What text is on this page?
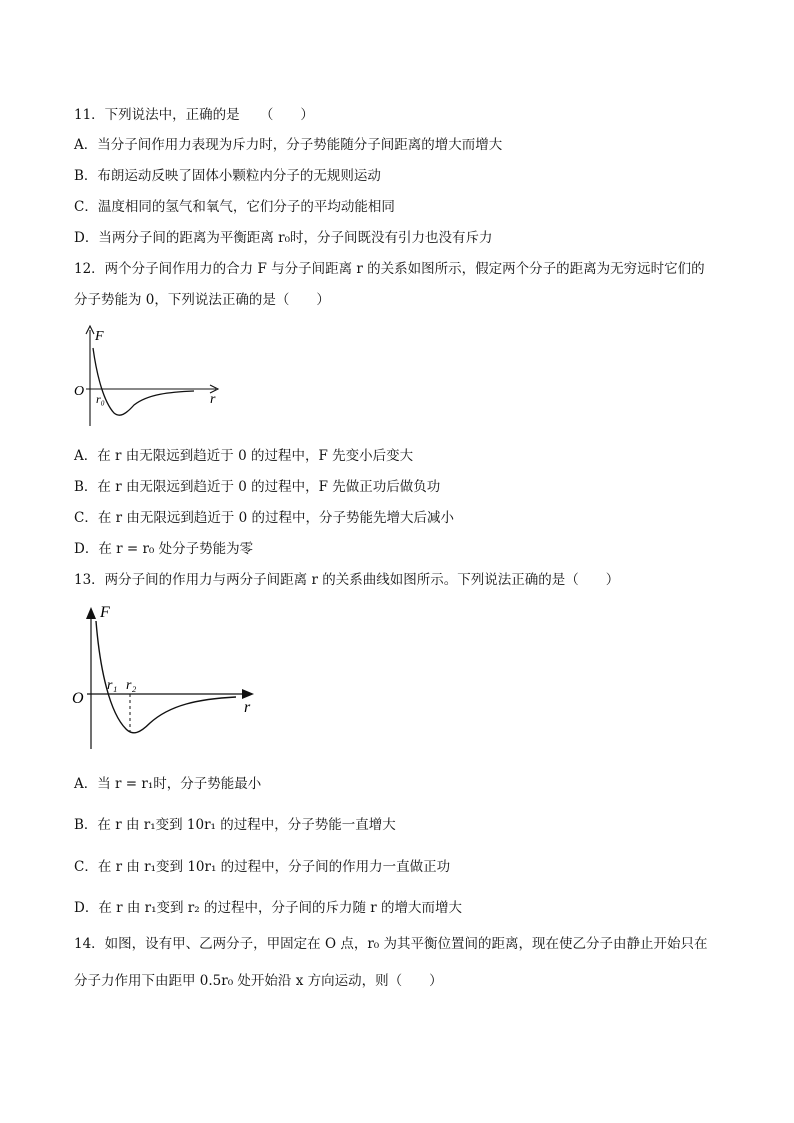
11．下列说法中，正确的是　　（　　）
A．当分子间作用力表现为斥力时，分子势能随分子间距离的增大而增大
B．布朗运动反映了固体小颗粒内分子的无规则运动
C．温度相同的氢气和氧气，它们分子的平均动能相同
D．当两分子间的距离为平衡距离 r₀时，分子间既没有引力也没有斥力
12．两个分子间作用力的合力 F 与分子间距离 r 的关系如图所示，假定两个分子的距离为无穷远时它们的
分子势能为 0，下列说法正确的是（　　）
F
O r₀	r
A．在 r 由无限远到趋近于 0 的过程中，F 先变小后变大
B．在 r 由无限远到趋近于 0 的过程中，F 先做正功后做负功
C．在 r 由无限远到趋近于 0 的过程中，分子势能先增大后减小
D．在 r = r₀ 处分子势能为零
13．两分子间的作用力与两分子间距离 r 的关系曲线如图所示。下列说法正确的是（　　）
F
O
r₁ r₂
r
A．当 r = r₁时，分子势能最小
B．在 r 由 r₁变到 10r₁ 的过程中，分子势能一直增大
C．在 r 由 r₁变到 10r₁ 的过程中，分子间的作用力一直做正功
D．在 r 由 r₁变到 r₂ 的过程中，分子间的斥力随 r 的增大而增大
14．如图，设有甲、乙两分子，甲固定在 O 点，r₀ 为其平衡位置间的距离，现在使乙分子由静止开始只在
分子力作用下由距甲 0.5r₀ 处开始沿 x 方向运动，则（　　）
